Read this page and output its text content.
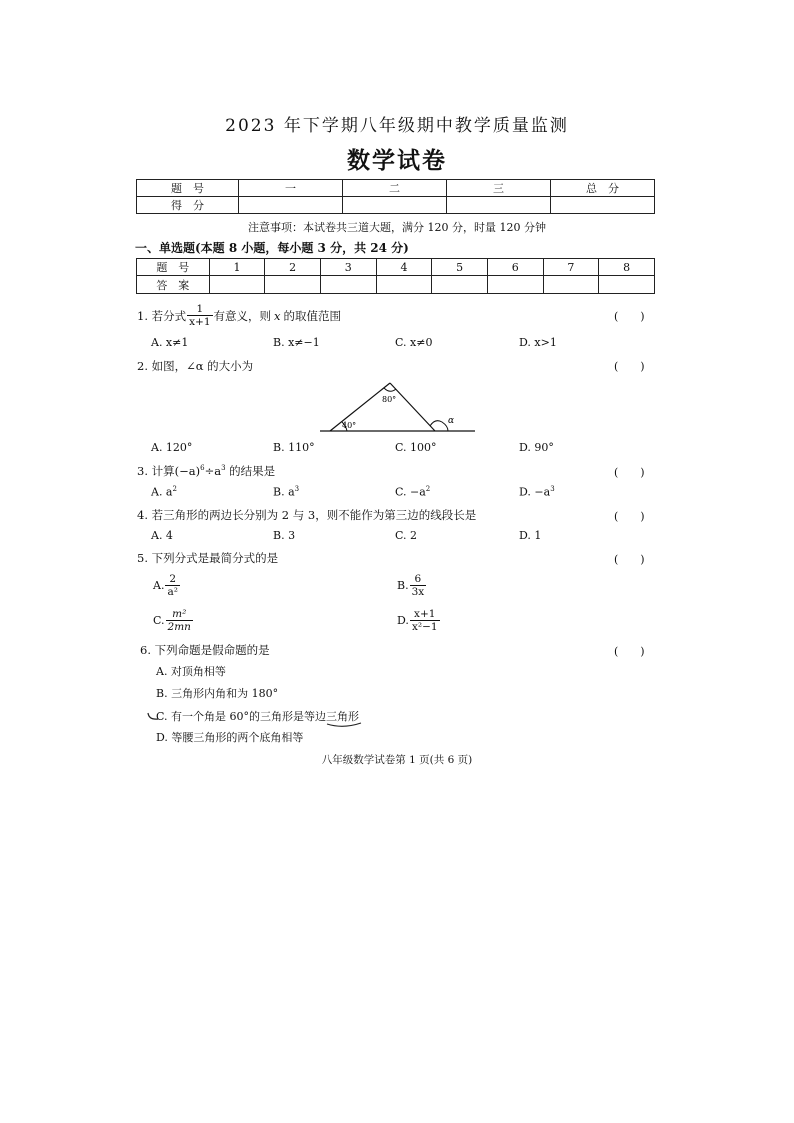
2023 年下学期八年级期中教学质量监测
数学试卷
题　号	一	二	三	总　分
得　分				
注意事项：本试卷共三道大题，满分 120 分，时量 120 分钟
一、单选题(本题 8 小题，每小题 3 分，共 24 分)
题　号	1	2	3	4	5	6	7	8
答　案								
1. 若分式 $\frac{1}{x+1}$ 有意义，则 x 的取值范围	(　　)
A. x≠1	B. x≠−1	C. x≠0	D. x>1
2. 如图，∠α 的大小为	(　　)
80°
40°	α
A. 120°	B. 110°	C. 100°	D. 90°
3. 计算$(-a)^6\div a^3$ 的结果是	(　　)
A. $a^2$	B. $a^3$	C. $-a^2$	D. $-a^3$
4. 若三角形的两边长分别为 2 与 3，则不能作为第三边的线段长是	(　　)
A. 4	B. 3	C. 2	D. 1
5. 下列分式是最简分式的是	(　　)
A. $\frac{2}{\text{a²}}$	B. $\frac{6}{3x}$
C. $\frac{\text{m²}}{2mn}$	D. $\frac{x+1}{\text{x²−1}}$
6. 下列命题是假命题的是	(　　)
A. 对顶角相等
B. 三角形内角和为 180°
C. 有一个角是 60°的三角形是等边三角形
D. 等腰三角形的两个底角相等
八年级数学试卷第 1 页(共 6 页)
